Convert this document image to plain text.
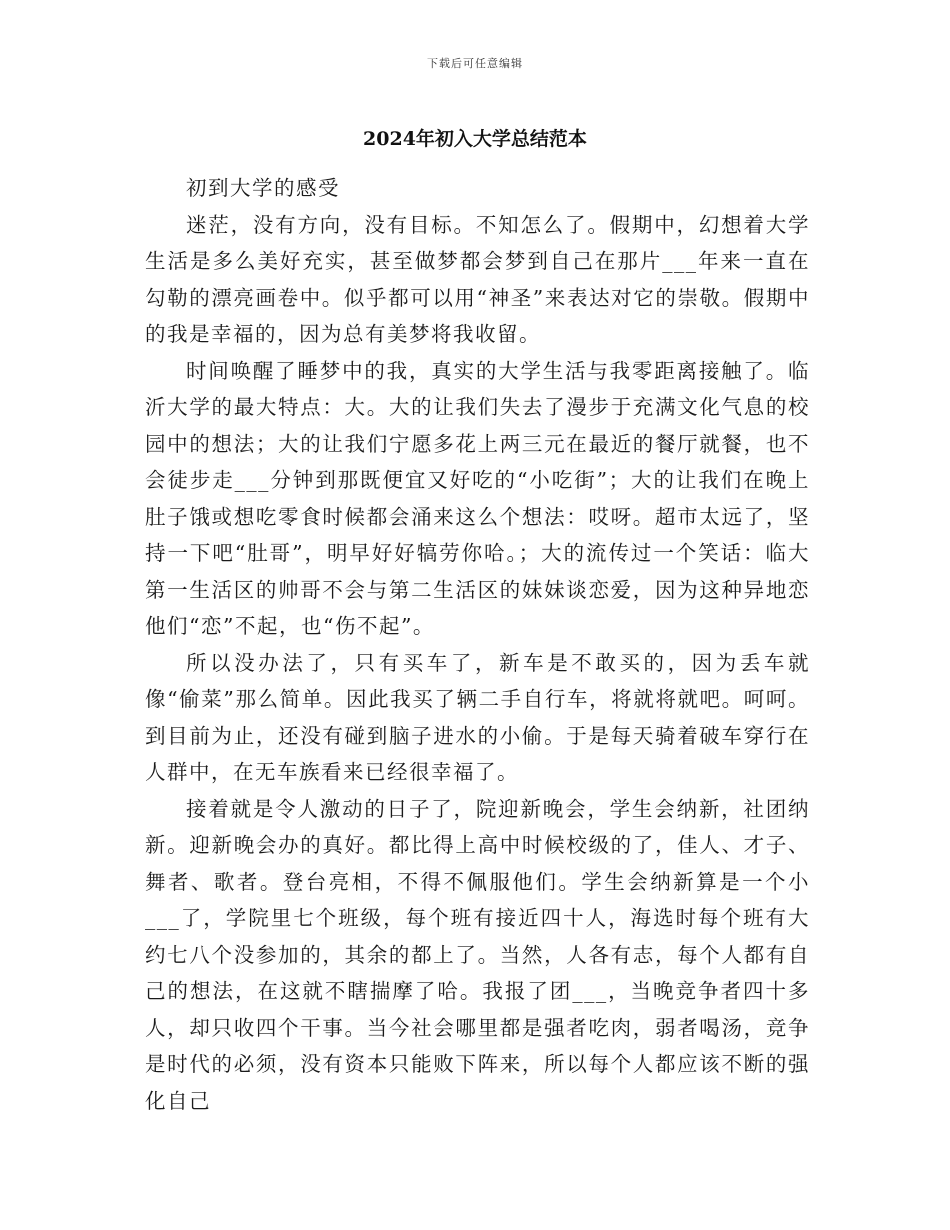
下载后可任意编辑
2024年初入大学总结范本

初到大学的感受

迷茫，没有方向，没有目标。不知怎么了。假期中，幻想着大学生活是多么美好充实，甚至做梦都会梦到自己在那片___年来一直在勾勒的漂亮画卷中。似乎都可以用“神圣”来表达对它的崇敬。假期中的我是幸福的，因为总有美梦将我收留。

时间唤醒了睡梦中的我，真实的大学生活与我零距离接触了。临沂大学的最大特点：大。大的让我们失去了漫步于充满文化气息的校园中的想法；大的让我们宁愿多花上两三元在最近的餐厅就餐，也不会徒步走___分钟到那既便宜又好吃的“小吃街”；大的让我们在晚上肚子饿或想吃零食时候都会涌来这么个想法：哎呀。超市太远了，坚持一下吧“肚哥”，明早好好犒劳你哈。；大的流传过一个笑话：临大第一生活区的帅哥不会与第二生活区的妹妹谈恋爱，因为这种异地恋他们“恋”不起，也“伤不起”。

所以没办法了，只有买车了，新车是不敢买的，因为丢车就像“偷菜”那么简单。因此我买了辆二手自行车，将就将就吧。呵呵。到目前为止，还没有碰到脑子进水的小偷。于是每天骑着破车穿行在人群中，在无车族看来已经很幸福了。

接着就是令人激动的日子了，院迎新晚会，学生会纳新，社团纳新。迎新晚会办的真好。都比得上高中时候校级的了，佳人、才子、舞者、歌者。登台亮相，不得不佩服他们。学生会纳新算是一个小___了，学院里七个班级，每个班有接近四十人，海选时每个班有大约七八个没参加的，其余的都上了。当然，人各有志，每个人都有自己的想法，在这就不瞎揣摩了哈。我报了团___，当晚竞争者四十多人，却只收四个干事。当今社会哪里都是强者吃肉，弱者喝汤，竞争是时代的必须，没有资本只能败下阵来，所以每个人都应该不断的强化自己
